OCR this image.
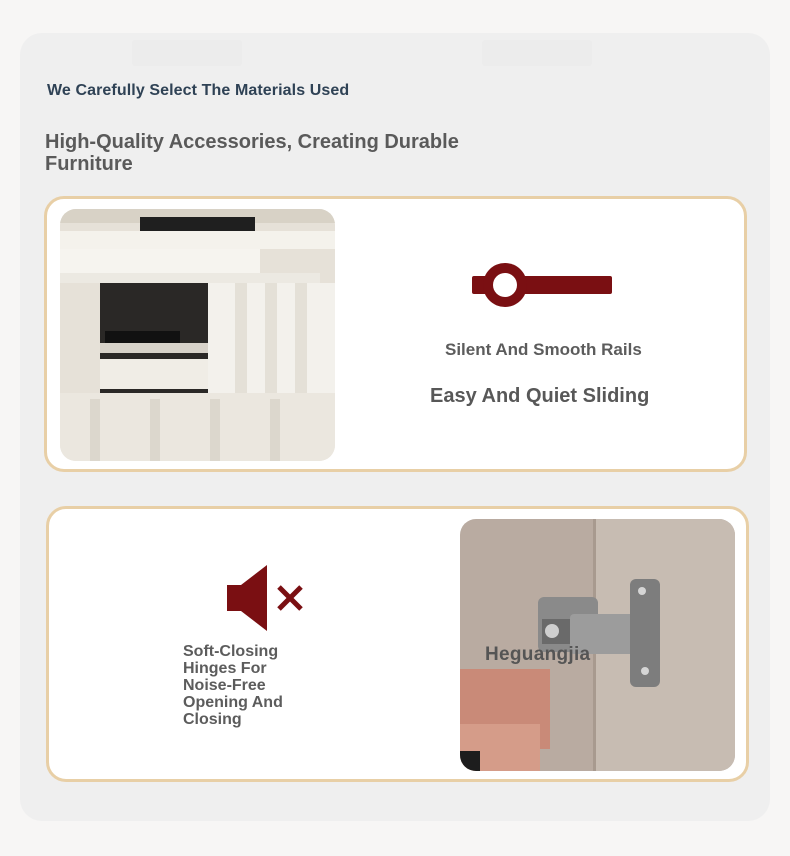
We Carefully Select The Materials Used

High-Quality Accessories, Creating Durable Furniture

Silent And Smooth Rails

Easy And Quiet Sliding

Soft-Closing Hinges For Noise-Free Opening And Closing

Heguangjia
